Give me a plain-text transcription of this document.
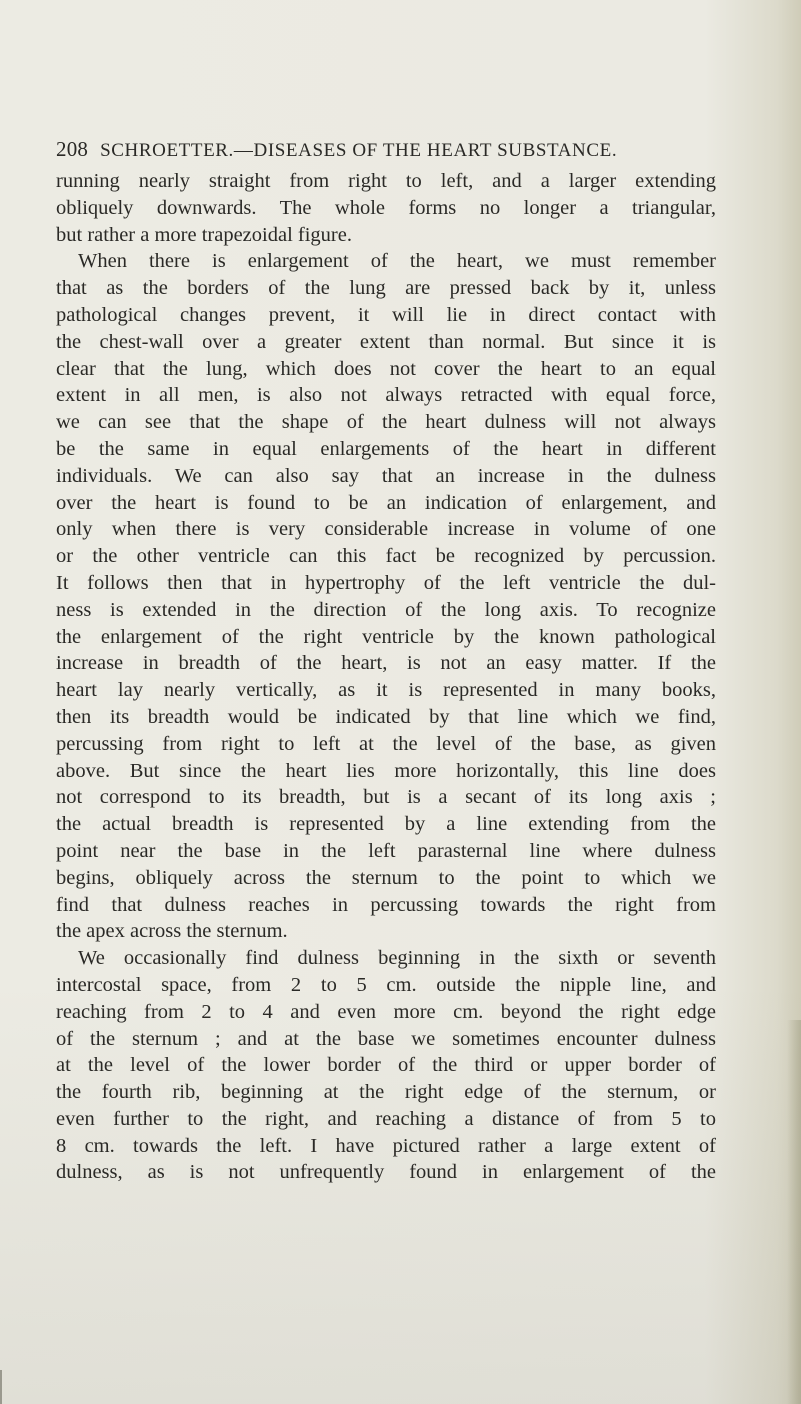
208 SCHROETTER.—DISEASES OF THE HEART SUBSTANCE.
running nearly straight from right to left, and a larger extending
obliquely downwards. The whole forms no longer a triangular,
but rather a more trapezoidal figure.
When there is enlargement of the heart, we must remember
that as the borders of the lung are pressed back by it, unless
pathological changes prevent, it will lie in direct contact with
the chest-wall over a greater extent than normal. But since it is
clear that the lung, which does not cover the heart to an equal
extent in all men, is also not always retracted with equal force,
we can see that the shape of the heart dulness will not always
be the same in equal enlargements of the heart in different
individuals. We can also say that an increase in the dulness
over the heart is found to be an indication of enlargement, and
only when there is very considerable increase in volume of one
or the other ventricle can this fact be recognized by percussion.
It follows then that in hypertrophy of the left ventricle the dul-
ness is extended in the direction of the long axis. To recognize
the enlargement of the right ventricle by the known pathological
increase in breadth of the heart, is not an easy matter. If the
heart lay nearly vertically, as it is represented in many books,
then its breadth would be indicated by that line which we find,
percussing from right to left at the level of the base, as given
above. But since the heart lies more horizontally, this line does
not correspond to its breadth, but is a secant of its long axis ;
the actual breadth is represented by a line extending from the
point near the base in the left parasternal line where dulness
begins, obliquely across the sternum to the point to which we
find that dulness reaches in percussing towards the right from
the apex across the sternum.
We occasionally find dulness beginning in the sixth or seventh
intercostal space, from 2 to 5 cm. outside the nipple line, and
reaching from 2 to 4 and even more cm. beyond the right edge
of the sternum ; and at the base we sometimes encounter dulness
at the level of the lower border of the third or upper border of
the fourth rib, beginning at the right edge of the sternum, or
even further to the right, and reaching a distance of from 5 to
8 cm. towards the left. I have pictured rather a large extent of
dulness, as is not unfrequently found in enlargement of the
